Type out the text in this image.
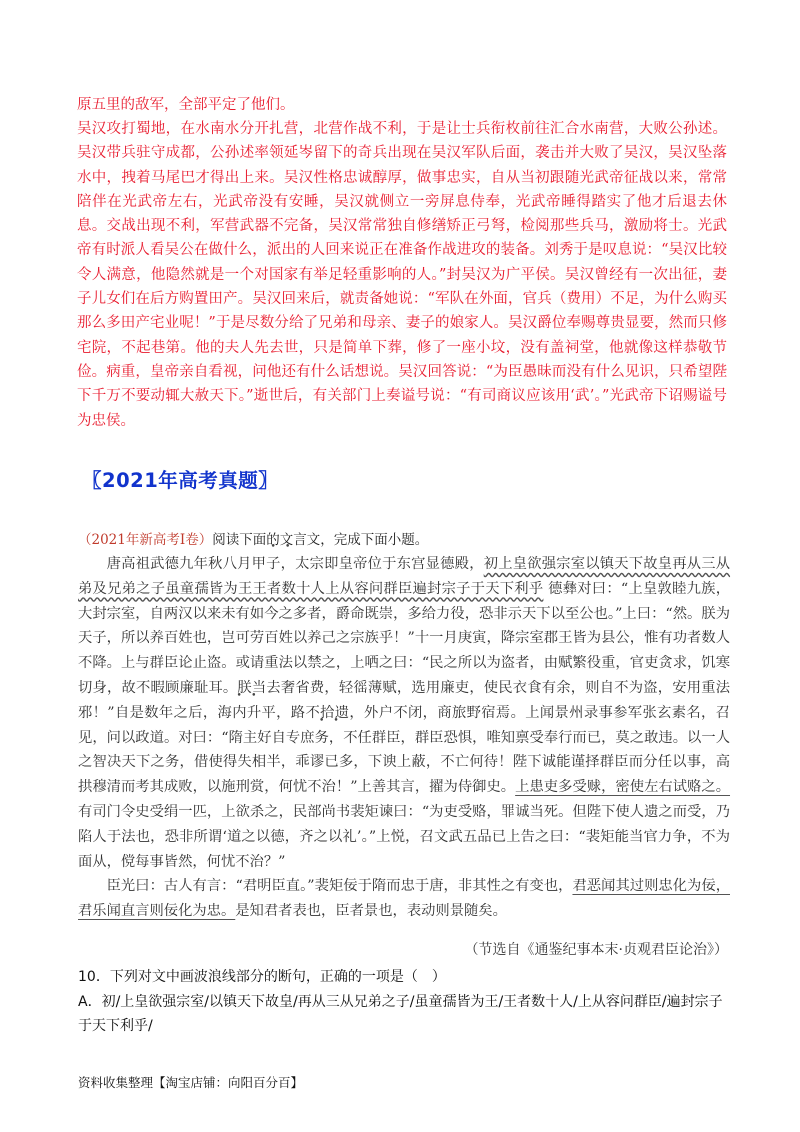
原五里的敌军，全部平定了他们。

吴汉攻打蜀地，在水南水分开扎营，北营作战不利，于是让士兵衔枚前往汇合水南营，大败公孙述。吴汉带兵驻守成都，公孙述率领延岑留下的奇兵出现在吴汉军队后面，袭击并大败了吴汉，吴汉坠落水中，拽着马尾巴才得出上来。吴汉性格忠诚醇厚，做事忠实，自从当初跟随光武帝征战以来，常常陪伴在光武帝左右，光武帝没有安睡，吴汉就侧立一旁屏息侍奉，光武帝睡得踏实了他才后退去休息。交战出现不利，军营武器不完备，吴汉常常独自修缮矫正弓弩，检阅那些兵马，激励将士。光武帝有时派人看吴公在做什么，派出的人回来说正在准备作战进攻的装备。刘秀于是叹息说：“吴汉比较令人满意，他隐然就是一个对国家有举足轻重影响的人。”封吴汉为广平侯。吴汉曾经有一次出征，妻子儿女们在后方购置田产。吴汉回来后，就责备她说：“军队在外面，官兵（费用）不足，为什么购买那么多田产宅业呢！”于是尽数分给了兄弟和母亲、妻子的娘家人。吴汉爵位奉赐尊贵显要，然而只修宅院，不起巷第。他的夫人先去世，只是简单下葬，修了一座小坟，没有盖祠堂，他就像这样恭敬节俭。病重，皇帝亲自看视，问他还有什么话想说。吴汉回答说：“为臣愚昧而没有什么见识，只希望陛下千万不要动辄大赦天下。”逝世后，有关部门上奏谥号说：“有司商议应该用‘武’。”光武帝下诏赐谥号为忠侯。

〖2021年高考真题〗
（2021年新高考Ⅰ卷）阅读下面的文言文，完成下面小题。

唐高祖武德九年秋八月甲子，太宗即皇帝位于东宫显德殿，初上皇欲强宗室以镇天下故皇再从三从弟及兄弟之子虽童孺皆为王王者数十人上从容问群臣遍封宗子于天下利乎 德彝对曰：“上皇敦睦九族，大封宗室，自两汉以来未有如今之多者，爵命既崇，多给力役，恐非示天下以至公也。”上曰：“然。朕为天子，所以养百姓也，岂可劳百姓以养己之宗族乎！”十一月庚寅，降宗室郡王皆为县公，惟有功者数人不降。上与群臣论止盗。或请重法以禁之，上哂之曰：“民之所以为盗者，由赋繁役重，官吏贪求，饥寒切身，故不暇顾廉耻耳。朕当去奢省费，轻徭薄赋，选用廉吏，使民衣食有余，则自不为盗，安用重法邪！”自是数年之后，海内升平，路不拾遗，外户不闭，商旅野宿焉。上闻景州录事参军张玄素名，召见，问以政道。对曰：“隋主好自专庶务，不任群臣，群臣恐惧，唯知禀受奉行而已，莫之敢违。以一人之智决天下之务，借使得失相半，乖谬已多，下谀上蔽，不亡何待！陛下诚能谨择群臣而分任以事，高拱穆清而考其成败，以施刑赏，何忧不治！”上善其言，擢为侍御史。上患吏多受赇，密使左右试赂之。有司门令史受绢一匹，上欲杀之，民部尚书裴矩谏曰：“为吏受赂，罪诚当死。但陛下使人遗之而受，乃陷人于法也，恐非所谓‘道之以德，齐之以礼’。”上悦，召文武五品已上告之曰：“裴矩能当官力争，不为面从，傥每事皆然，何忧不治？”

臣光曰：古人有言：“君明臣直。”裴矩佞于隋而忠于唐，非其性之有变也，君恶闻其过则忠化为佞，君乐闻直言则佞化为忠。是知君者表也，臣者景也，表动则景随矣。

（节选自《通鉴纪事本末·贞观君臣论治》）

10．下列对文中画波浪线部分的断句，正确的一项是（　）

A．初/上皇欲强宗室/以镇天下故皇/再从三从兄弟之子/虽童孺皆为王/王者数十人/上从容问群臣/遍封宗子于天下利乎/

资料收集整理【淘宝店铺：向阳百分百】
